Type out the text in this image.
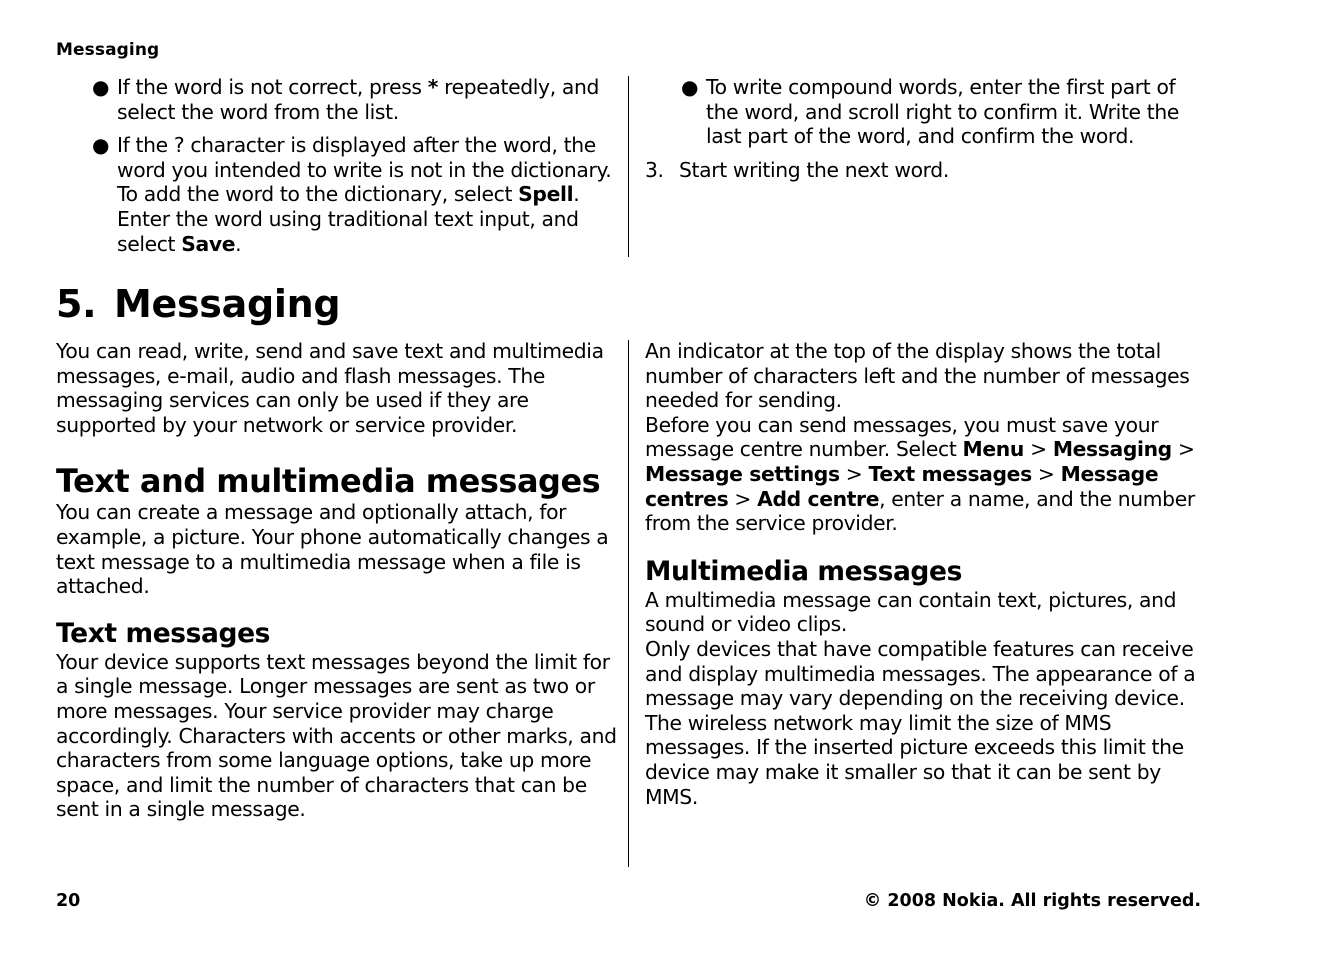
Messaging
● If the word is not correct, press * repeatedly, and select the word from the list.
● If the ? character is displayed after the word, the word you intended to write is not in the dictionary. To add the word to the dictionary, select Spell. Enter the word using traditional text input, and select Save.
● To write compound words, enter the first part of the word, and scroll right to confirm it. Write the last part of the word, and confirm the word.
3. Start writing the next word.
5. Messaging

You can read, write, send and save text and multimedia messages, e-mail, audio and flash messages. The messaging services can only be used if they are supported by your network or service provider.

Text and multimedia messages

You can create a message and optionally attach, for example, a picture. Your phone automatically changes a text message to a multimedia message when a file is attached.

Text messages

Your device supports text messages beyond the limit for a single message. Longer messages are sent as two or more messages. Your service provider may charge accordingly. Characters with accents or other marks, and characters from some language options, take up more space, and limit the number of characters that can be sent in a single message.

An indicator at the top of the display shows the total number of characters left and the number of messages needed for sending.

Before you can send messages, you must save your message centre number. Select Menu > Messaging > Message settings > Text messages > Message centres > Add centre, enter a name, and the number from the service provider.

Multimedia messages

A multimedia message can contain text, pictures, and sound or video clips.

Only devices that have compatible features can receive and display multimedia messages. The appearance of a message may vary depending on the receiving device.

The wireless network may limit the size of MMS messages. If the inserted picture exceeds this limit the device may make it smaller so that it can be sent by MMS.

20	© 2008 Nokia. All rights reserved.
